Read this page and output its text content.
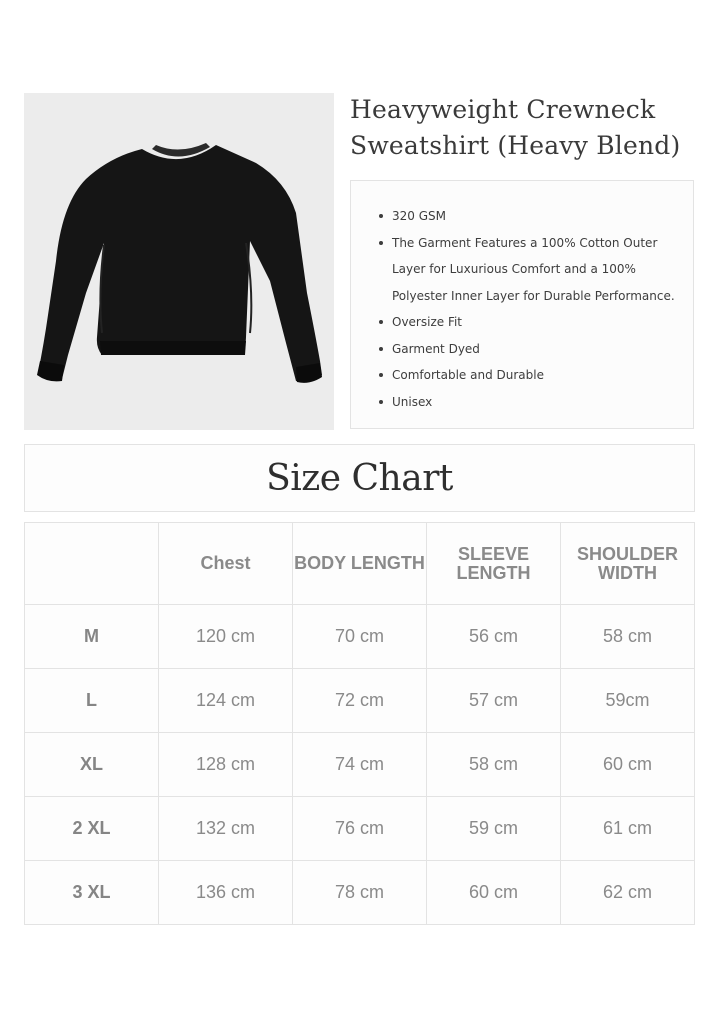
Heavyweight Crewneck Sweatshirt (Heavy Blend)
320 GSM
The Garment Features a 100% Cotton Outer Layer for Luxurious Comfort and a 100% Polyester Inner Layer for Durable Performance.
Oversize Fit
Garment Dyed
Comfortable and Durable
Unisex
Size Chart
	Chest	BODY LENGTH	SLEEVE LENGTH	SHOULDER WIDTH
M	120 cm	70 cm	56 cm	58 cm
L	124 cm	72 cm	57 cm	59cm
XL	128 cm	74 cm	58 cm	60 cm
2 XL	132 cm	76 cm	59 cm	61 cm
3 XL	136 cm	78 cm	60 cm	62 cm
